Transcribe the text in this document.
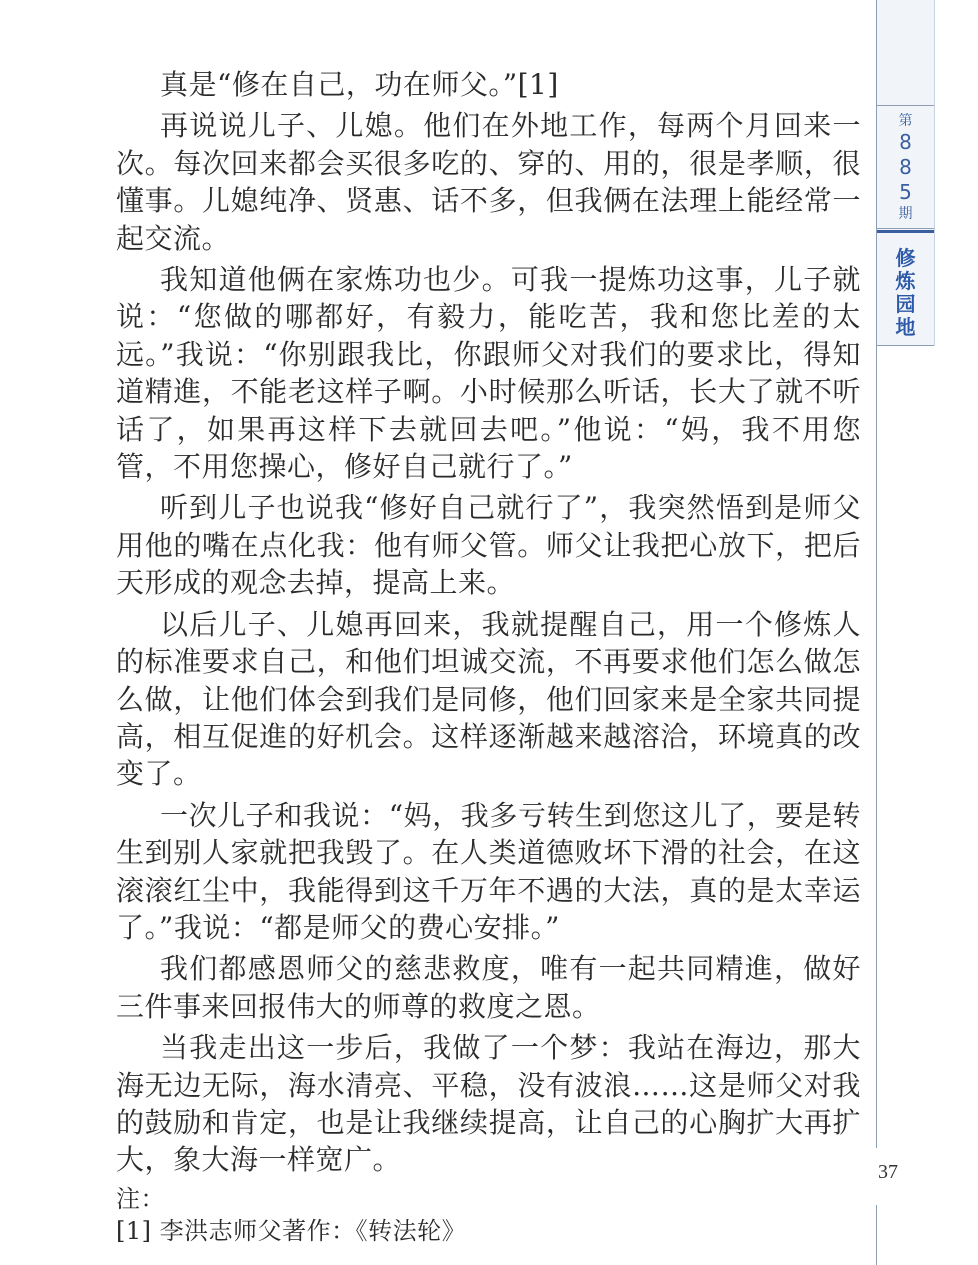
真是“修在自己，功在师父。”[1]

再说说儿子、儿媳。他们在外地工作，每两个月回来一次。每次回来都会买很多吃的、穿的、用的，很是孝顺，很懂事。儿媳纯净、贤惠、话不多，但我俩在法理上能经常一起交流。

我知道他俩在家炼功也少。可我一提炼功这事，儿子就说：“您做的哪都好，有毅力，能吃苦，我和您比差的太远。”我说：“你别跟我比，你跟师父对我们的要求比，得知道精進，不能老这样子啊。小时候那么听话，长大了就不听话了，如果再这样下去就回去吧。”他说：“妈，我不用您管，不用您操心，修好自己就行了。”

听到儿子也说我“修好自己就行了”，我突然悟到是师父用他的嘴在点化我：他有师父管。师父让我把心放下，把后天形成的观念去掉，提高上来。

以后儿子、儿媳再回来，我就提醒自己，用一个修炼人的标准要求自己，和他们坦诚交流，不再要求他们怎么做怎么做，让他们体会到我们是同修，他们回家来是全家共同提高，相互促進的好机会。这样逐渐越来越溶洽，环境真的改变了。

一次儿子和我说：“妈，我多亏转生到您这儿了，要是转生到别人家就把我毁了。在人类道德败坏下滑的社会，在这滚滚红尘中，我能得到这千万年不遇的大法，真的是太幸运了。”我说：“都是师父的费心安排。”

我们都感恩师父的慈悲救度，唯有一起共同精進，做好三件事来回报伟大的师尊的救度之恩。

当我走出这一步后，我做了一个梦：我站在海边，那大海无边无际，海水清亮、平稳，没有波浪……这是师父对我的鼓励和肯定，也是让我继续提高，让自己的心胸扩大再扩大，象大海一样宽广。

注：

[1] 李洪志师父著作：《转法轮》

第
8
8
5
期
修
炼
园
地
37
